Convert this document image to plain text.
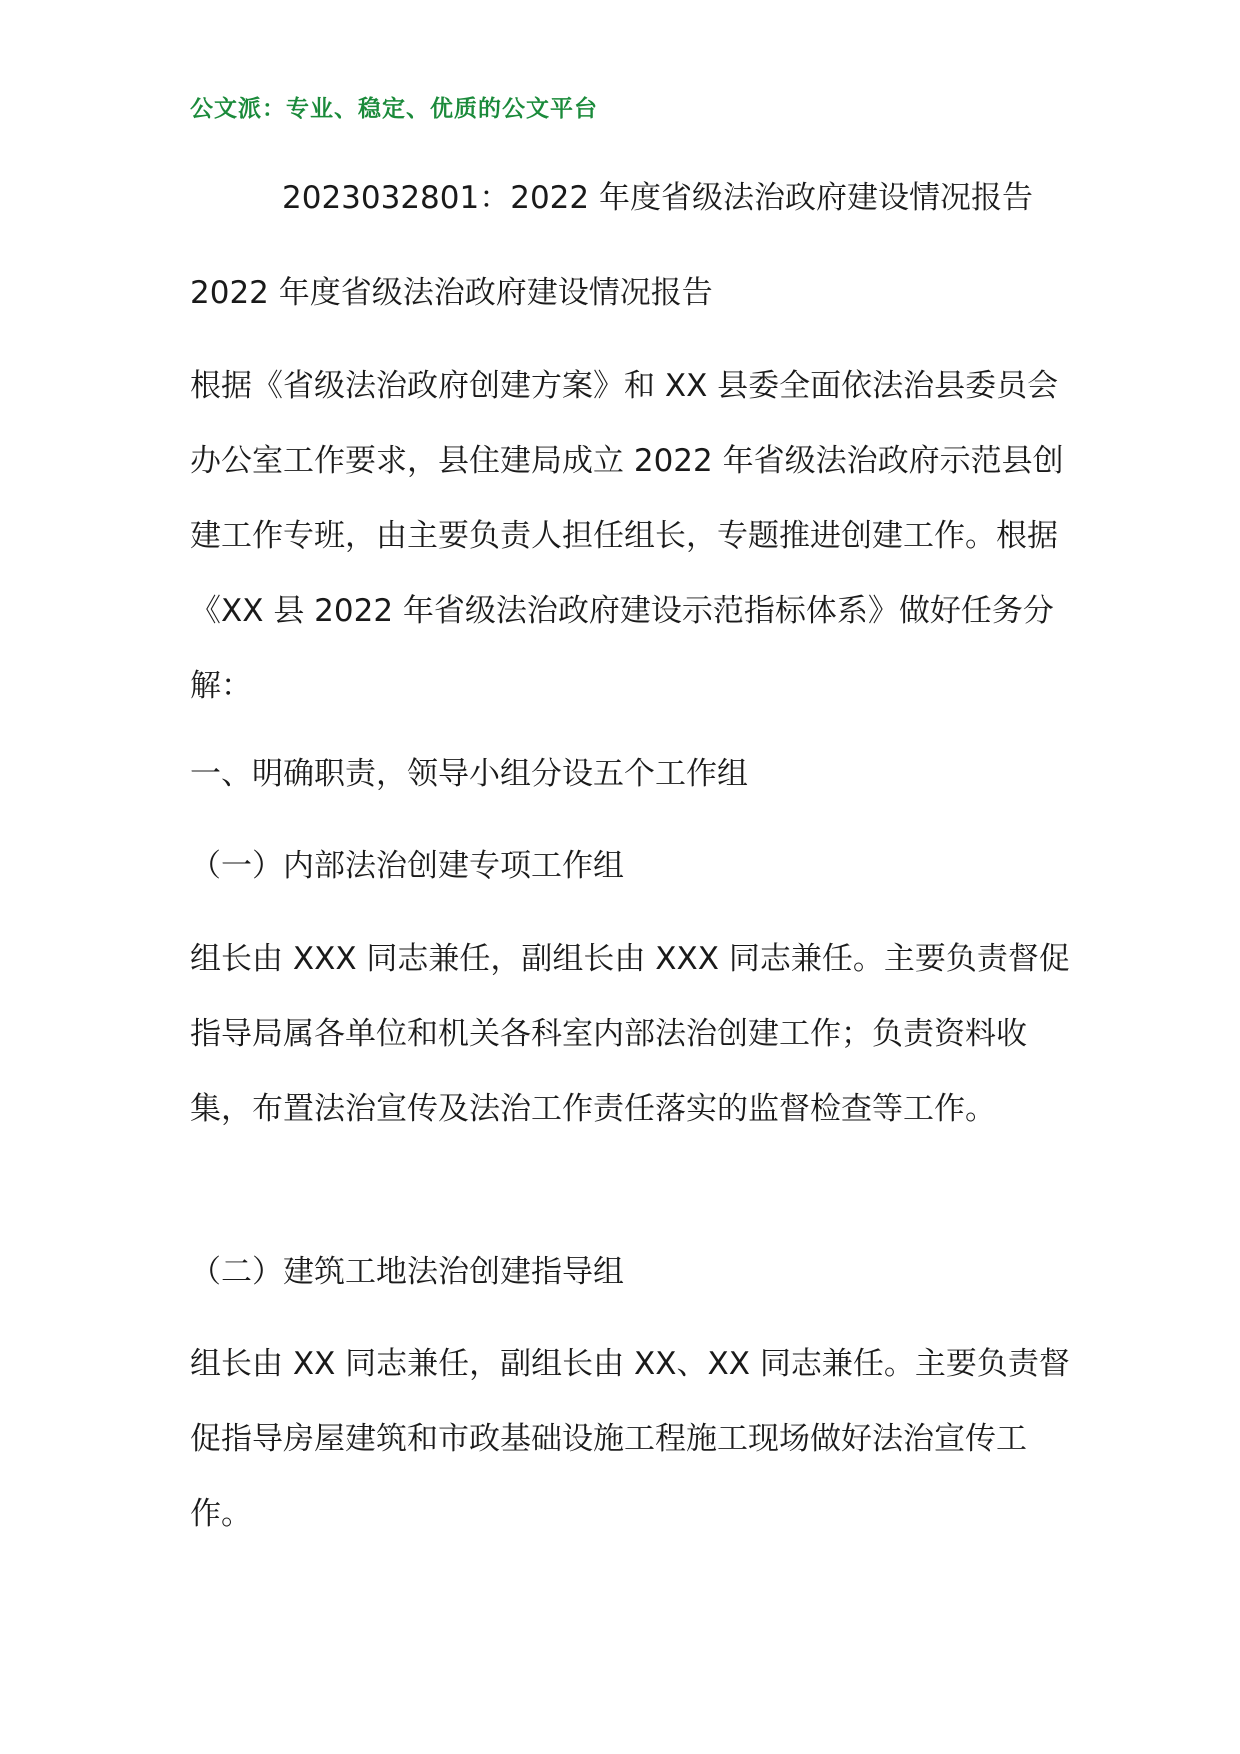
公文派：专业、稳定、优质的公文平台
2023032801：2022 年度省级法治政府建设情况报告

2022 年度省级法治政府建设情况报告

根据《省级法治政府创建方案》和 XX 县委全面依法治县委员会办公室工作要求，县住建局成立 2022 年省级法治政府示范县创建工作专班，由主要负责人担任组长，专题推进创建工作。根据《XX 县 2022 年省级法治政府建设示范指标体系》做好任务分解：

一、明确职责，领导小组分设五个工作组

（一）内部法治创建专项工作组

组长由 XXX 同志兼任，副组长由 XXX 同志兼任。主要负责督促指导局属各单位和机关各科室内部法治创建工作；负责资料收集，布置法治宣传及法治工作责任落实的监督检查等工作。

（二）建筑工地法治创建指导组

组长由 XX 同志兼任，副组长由 XX、XX 同志兼任。主要负责督促指导房屋建筑和市政基础设施工程施工现场做好法治宣传工作。
